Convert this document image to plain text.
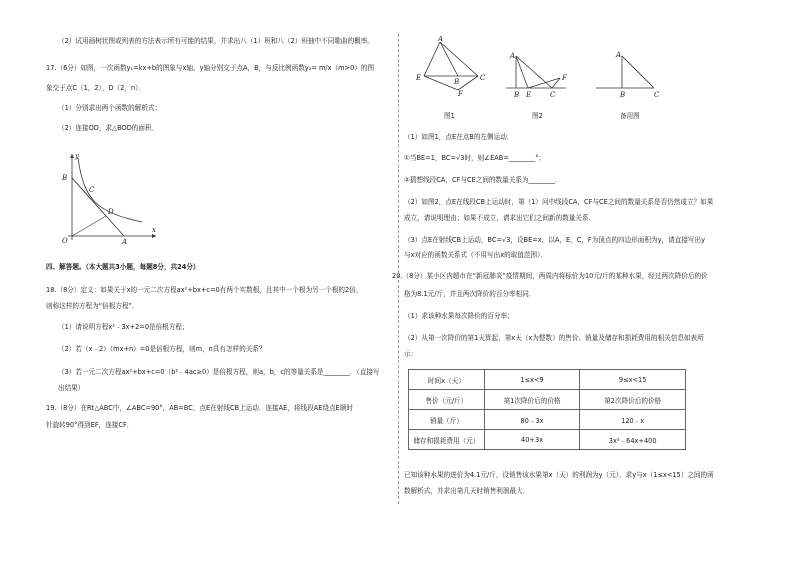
（2）试用画树状图或列表的方法表示所有可能的结果，并求出八（1）班和八（2）班抽中不同歌曲的概率。
17.（6分）如图，一次函数y₁=kx+b的图象与x轴、y轴分别交于点A，B，与反比例函数y₂= m/x（m>0）的图
象交于点C（1，2），D（2，n）．
（1）分别求出两个函数的解析式；
（2）连接OD，求△BOD的面积．
y
x
B
C
D
O	A
四、解答题。（本大题共3小题，每题8分，共24分）
18.（8分）定义：如果关于x的一元二次方程ax²+bx+c=0有两个实数根，且其中一个根为另一个根的2倍，
则称这样的方程为“倍根方程”．
（1）请说明方程x²﹣3x+2=0是倍根方程；
（2）若（x﹣2）（mx+n）=0是倍根方程，则m，n具有怎样的关系？
（3）若一元二次方程ax²+bx+c=0（b²﹣4ac≥0）是倍根方程，则a，b，c的等量关系是________．（直接写
出结果）
19.（8分）在Rt△ABC中，∠ABC=90°，AB=BC，点E在射线CB上运动．连接AE，将线段AE绕点E顺时
针旋转90°得到EF，连接CF．
A
E	B	C
F
A
B E	C
F
A
B	C
图1	图2	备用图
（1）如图1，点E在点B的左侧运动．
①当BE=1，BC=√3时，则∠EAB=________°；
②猜想线段CA，CF与CE之间的数量关系为________．
（2）如图2，点E在线段CB上运动时，第（1）问中线段CA，CF与CE之间的数量关系是否仍然成立？如果
成立，请说明理由；如果不成立，请求出它们之间新的数量关系．
（3）点E在射线CB上运动，BC=√3，设BE=x，以A，E，C，F为顶点的四边形面积为y，请直接写出y
与x对应的函数关系式（不用写出x的取值范围）．
20.（8分）某小区内超市在“新冠肺炎”疫情期间，两周内将标价为10元/斤的某种水果，经过两次降价后的价
格为8.1元/斤，并且两次降价的百分率相同．
（1）求该种水果每次降价的百分率；
（2）从第一次降价的第1天算起，第x天（x为整数）的售价、销量及储存和损耗费用的相关信息如表所
示：
时间x（天）	1≤x<9	9≤x<15
售价（元/斤）	第1次降价后的价格	第2次降价后的价格
销量（斤）	80﹣3x	120﹣x
储存和损耗费用（元）	40+3x	3x²﹣64x+400
已知该种水果的进价为4.1元/斤，设销售该水果第x（天）的利润为y（元），求y与x（1≤x<15）之间的函
数解析式，并求出第几天时销售利润最大．
